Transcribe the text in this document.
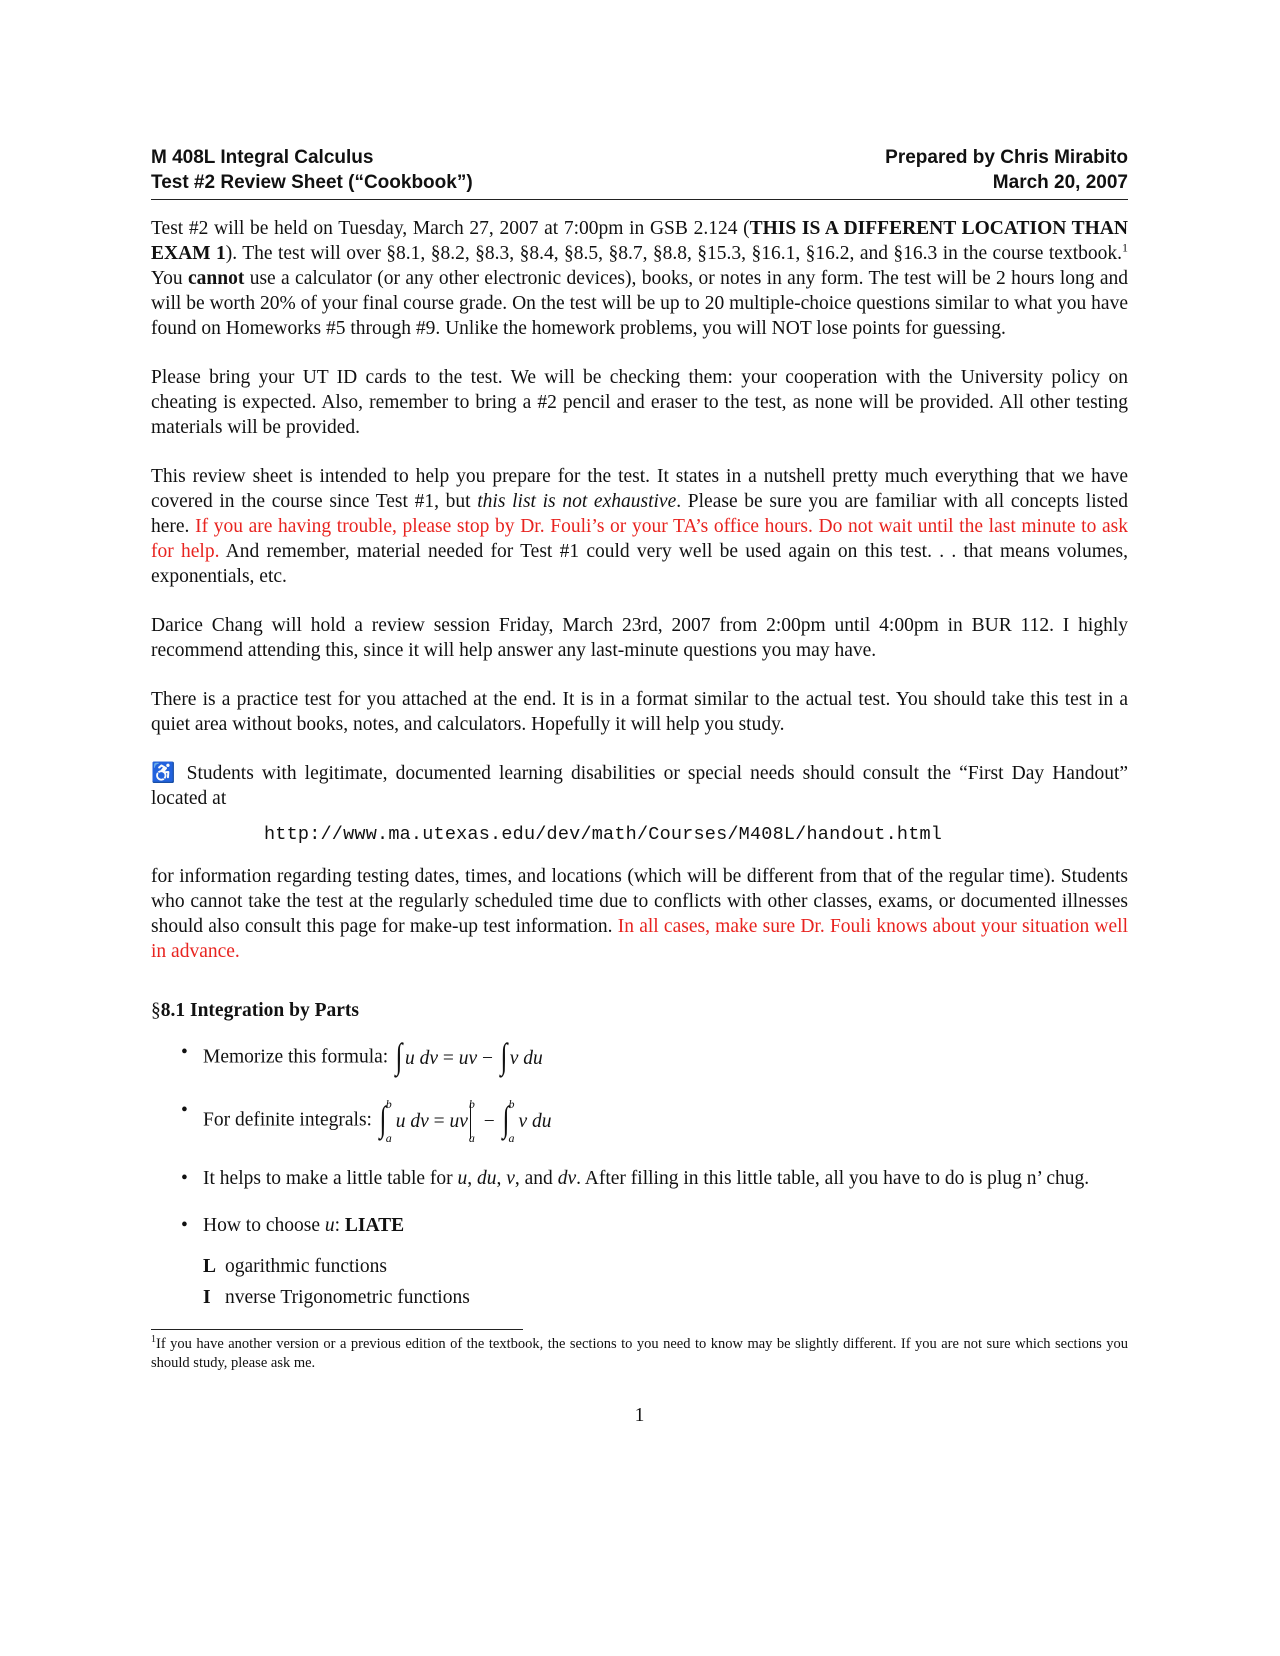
M 408L Integral Calculus	Prepared by Chris Mirabito
Test #2 Review Sheet (“Cookbook”)	March 20, 2007

Test #2 will be held on Tuesday, March 27, 2007 at 7:00pm in GSB 2.124 (THIS IS A DIFFERENT LOCATION THAN EXAM 1). The test will over §8.1, §8.2, §8.3, §8.4, §8.5, §8.7, §8.8, §15.3, §16.1, §16.2, and §16.3 in the course textbook.$^1$ You cannot use a calculator (or any other electronic devices), books, or notes in any form. The test will be 2 hours long and will be worth 20% of your final course grade. On the test will be up to 20 multiple-choice questions similar to what you have found on Homeworks #5 through #9. Unlike the homework problems, you will NOT lose points for guessing.

Please bring your UT ID cards to the test. We will be checking them: your cooperation with the University policy on cheating is expected. Also, remember to bring a #2 pencil and eraser to the test, as none will be provided. All other testing materials will be provided.

This review sheet is intended to help you prepare for the test. It states in a nutshell pretty much everything that we have covered in the course since Test #1, but this list is not exhaustive. Please be sure you are familiar with all concepts listed here. If you are having trouble, please stop by Dr. Fouli’s or your TA’s office hours. Do not wait until the last minute to ask for help. And remember, material needed for Test #1 could very well be used again on this test. . . that means volumes, exponentials, etc.

Darice Chang will hold a review session Friday, March 23rd, 2007 from 2:00pm until 4:00pm in BUR 112. I highly recommend attending this, since it will help answer any last-minute questions you may have.

There is a practice test for you attached at the end. It is in a format similar to the actual test. You should take this test in a quiet area without books, notes, and calculators. Hopefully it will help you study.

♿ Students with legitimate, documented learning disabilities or special needs should consult the “First Day Handout” located at

http://www.ma.utexas.edu/dev/math/Courses/M408L/handout.html

for information regarding testing dates, times, and locations (which will be different from that of the regular time). Students who cannot take the test at the regularly scheduled time due to conflicts with other classes, exams, or documented illnesses should also consult this page for make-up test information. In all cases, make sure Dr. Fouli knows about your situation well in advance.

§8.1 Integration by Parts
• Memorize this formula: ∫ u dv = uv − ∫ v du
• For definite integrals: ∫ b
a
u dv = uv
b
a
− ∫ b
a
v du
• It helps to make a little table for u, du, v, and dv. After filling in this little table, all you have to do is plug n’ chug.
• How to choose u: LIATE
L ogarithmic functions
I nverse Trigonometric functions
$^1$If you have another version or a previous edition of the textbook, the sections to you need to know may be slightly different. If you are not sure which sections you should study, please ask me.
1
